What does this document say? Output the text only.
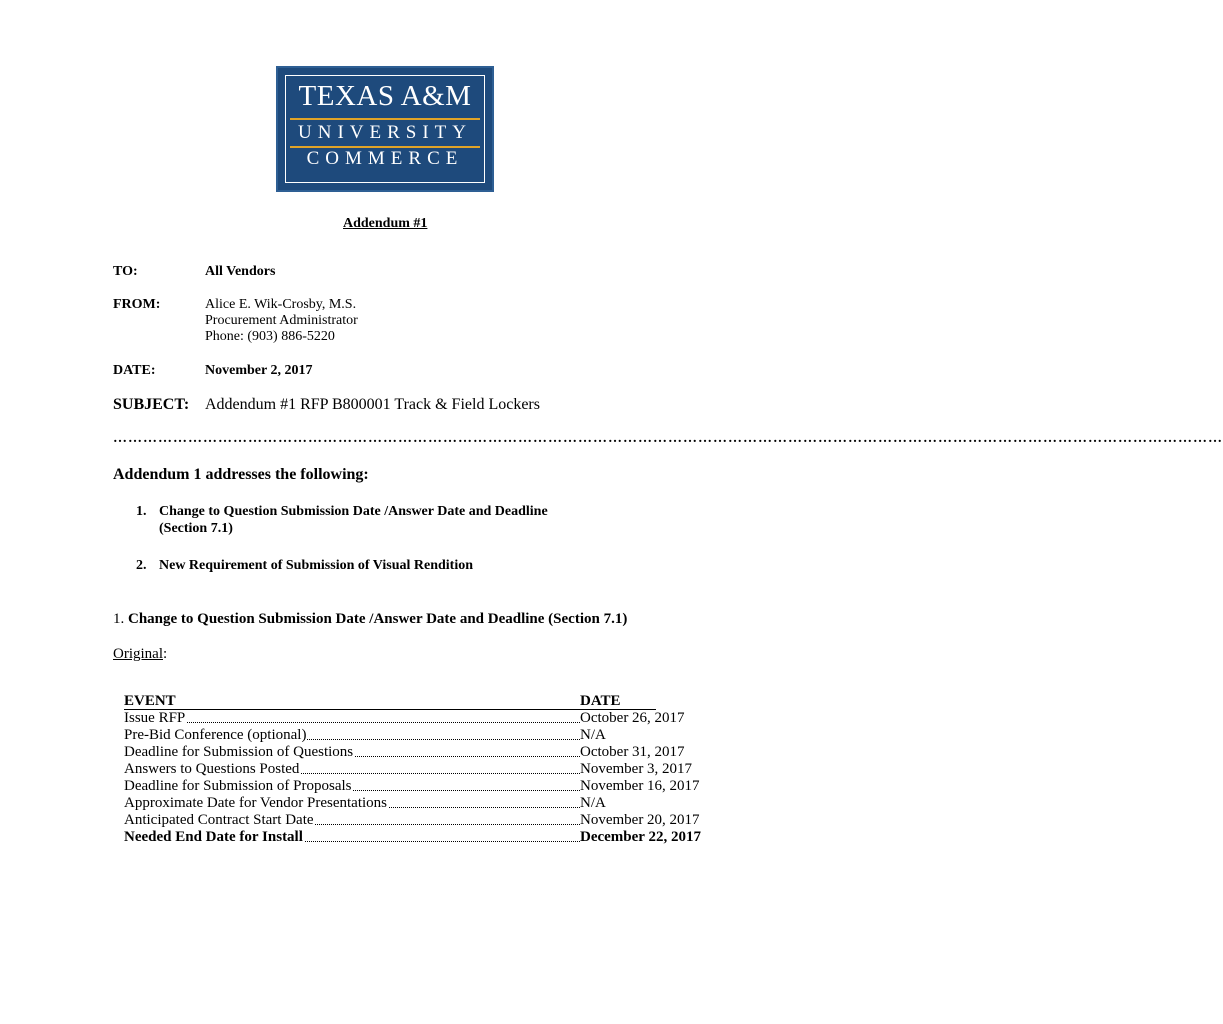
TEXAS A&M
UNIVERSITY
COMMERCE
Addendum #1
TO:	All Vendors
FROM:	Alice E. Wik-Crosby, M.S.
Procurement Administrator
Phone: (903) 886-5220
DATE:	November 2, 2017
SUBJECT: Addendum #1 RFP B800001 Track & Field Lockers
……………………………………………………………………………………………………………………………………………………………………………………………………
Addendum 1 addresses the following:
1. Change to Question Submission Date /Answer Date and Deadline
(Section 7.1)
2. New Requirement of Submission of Visual Rendition
1. Change to Question Submission Date /Answer Date and Deadline (Section 7.1)
Original:
EVENT	DATE
Issue RFP	October 26, 2017
Pre-Bid Conference (optional)	N/A
Deadline for Submission of Questions	October 31, 2017
Answers to Questions Posted	November 3, 2017
Deadline for Submission of Proposals	November 16, 2017
Approximate Date for Vendor Presentations	N/A
Anticipated Contract Start Date	November 20, 2017
Needed End Date for Install	December 22, 2017
